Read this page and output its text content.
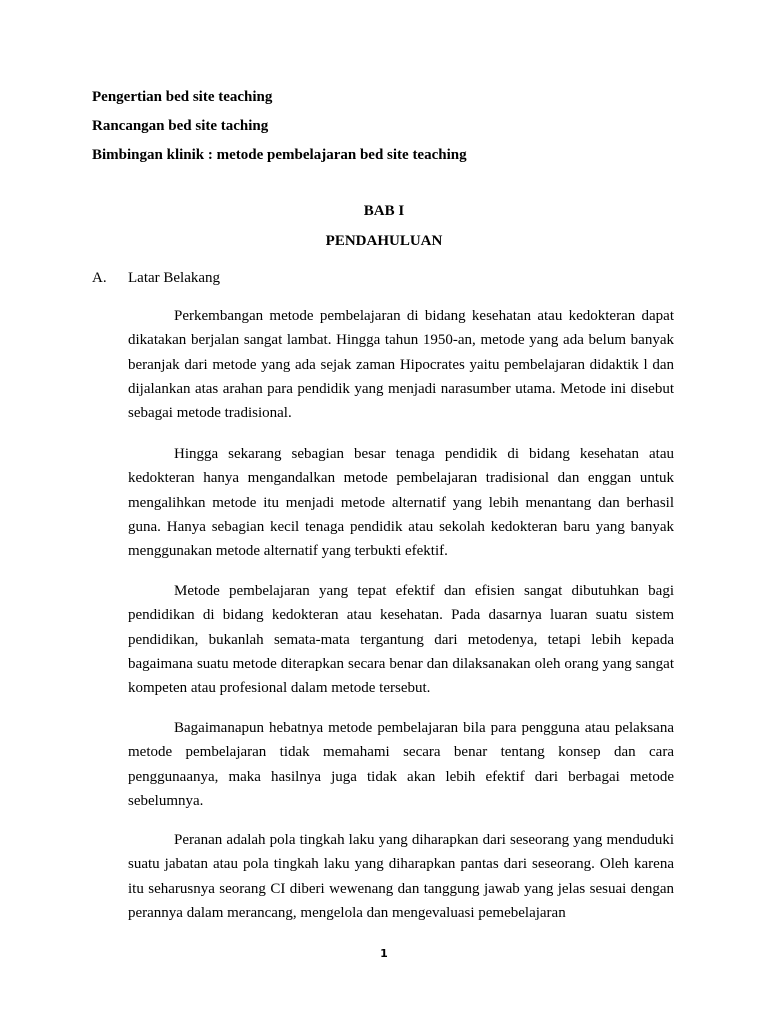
Pengertian bed site teaching
Rancangan bed site taching
Bimbingan klinik : metode pembelajaran bed site teaching
BAB I
PENDAHULUAN
A. Latar Belakang

Perkembangan metode pembelajaran di bidang kesehatan atau kedokteran dapat dikatakan berjalan sangat lambat. Hingga tahun 1950-an, metode yang ada belum banyak beranjak dari metode yang ada sejak zaman Hipocrates yaitu pembelajaran didaktik l dan dijalankan atas arahan para pendidik yang menjadi narasumber utama. Metode ini disebut sebagai metode tradisional.

Hingga sekarang sebagian besar tenaga pendidik di bidang kesehatan atau kedokteran hanya mengandalkan metode pembelajaran tradisional dan enggan untuk mengalihkan metode itu menjadi metode alternatif yang lebih menantang dan berhasil guna. Hanya sebagian kecil tenaga pendidik atau sekolah kedokteran baru yang banyak menggunakan metode alternatif yang terbukti efektif.

Metode pembelajaran yang tepat efektif dan efisien sangat dibutuhkan bagi pendidikan di bidang kedokteran atau kesehatan. Pada dasarnya luaran suatu sistem pendidikan, bukanlah semata-mata tergantung dari metodenya, tetapi lebih kepada bagaimana suatu metode diterapkan secara benar dan dilaksanakan oleh orang yang sangat kompeten atau profesional dalam metode tersebut.

Bagaimanapun hebatnya metode pembelajaran bila para pengguna atau pelaksana metode pembelajaran tidak memahami secara benar tentang konsep dan cara penggunaanya, maka hasilnya juga tidak akan lebih efektif dari berbagai metode sebelumnya.

Peranan adalah pola tingkah laku yang diharapkan dari seseorang yang menduduki suatu jabatan atau pola tingkah laku yang diharapkan pantas dari seseorang. Oleh karena itu seharusnya seorang CI diberi wewenang dan tanggung jawab yang jelas sesuai dengan perannya dalam merancang, mengelola dan mengevaluasi pemebelajaran

1
